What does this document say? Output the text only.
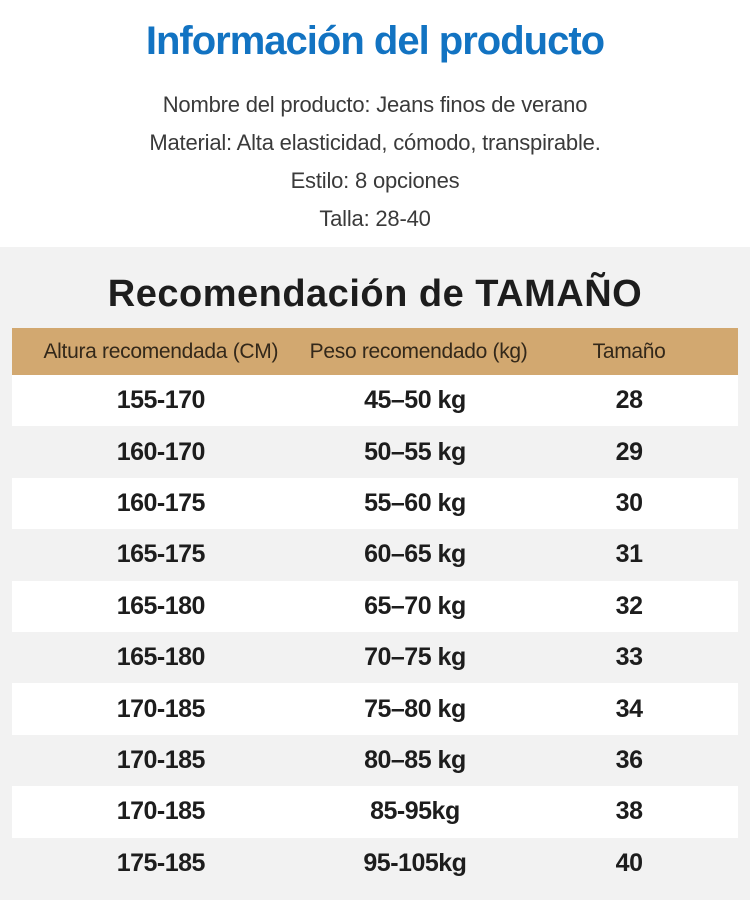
Información del producto
Nombre del producto: Jeans finos de verano
Material: Alta elasticidad, cómodo, transpirable.
Estilo: 8 opciones
Talla: 28-40
Recomendación de TAMAÑO
Altura recomendada (CM)	Peso recomendado (kg)	Tamaño
155-170	45–50 kg	28
160-170	50–55 kg	29
160-175	55–60 kg	30
165-175	60–65 kg	31
165-180	65–70 kg	32
165-180	70–75 kg	33
170-185	75–80 kg	34
170-185	80–85 kg	36
170-185	85-95kg	38
175-185	95-105kg	40
